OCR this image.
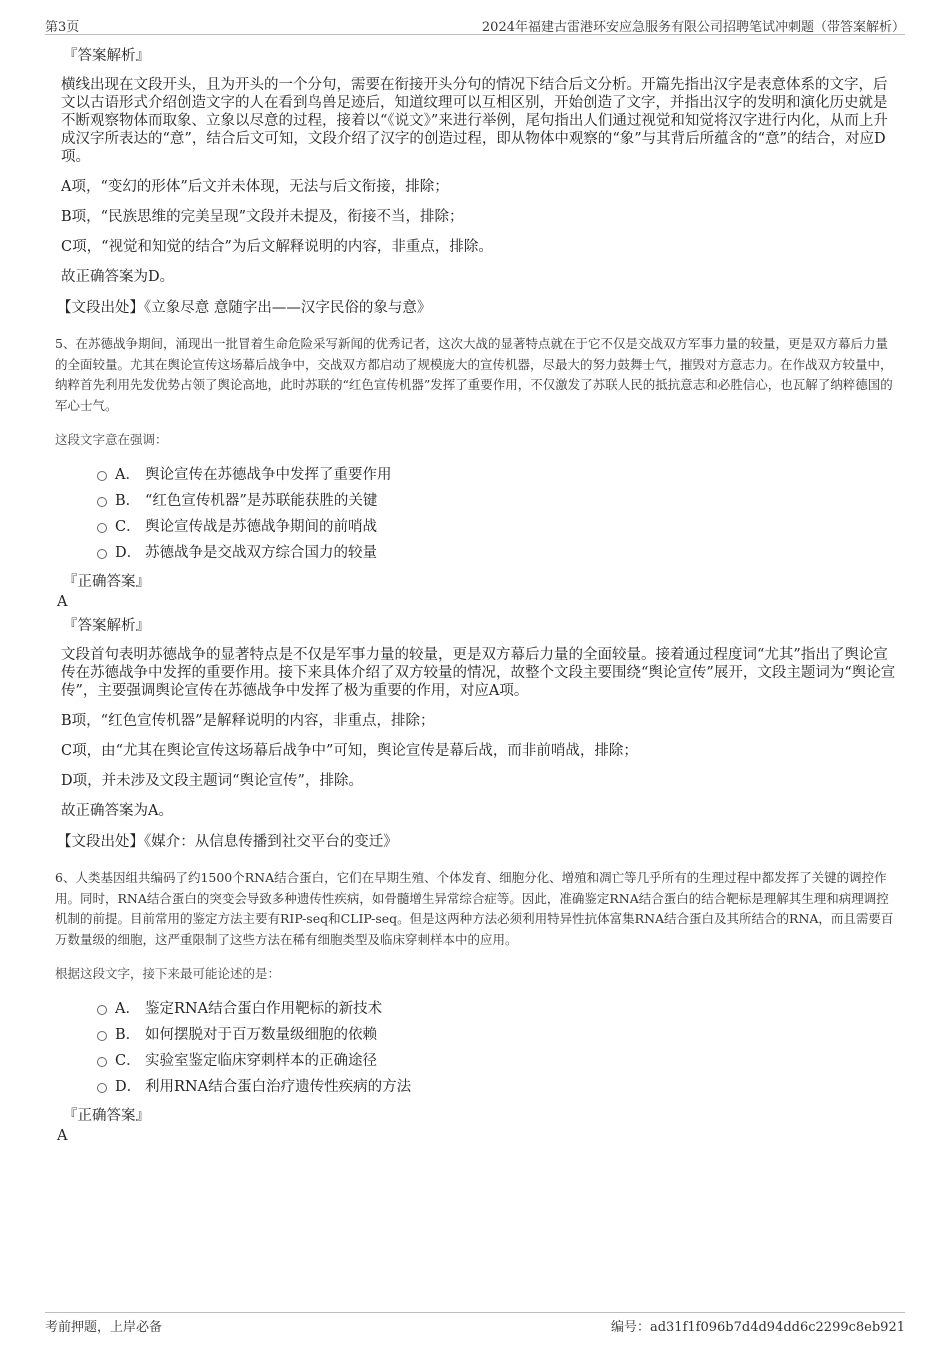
第3页	2024年福建古雷港环安应急服务有限公司招聘笔试冲刺题（带答案解析）
『答案解析』

横线出现在文段开头，且为开头的一个分句，需要在衔接开头分句的情况下结合后文分析。开篇先指出汉字是表意体系的文字，后文以古语形式介绍创造文字的人在看到鸟兽足迹后，知道纹理可以互相区别，开始创造了文字，并指出汉字的发明和演化历史就是不断观察物体而取象、立象以尽意的过程，接着以“《说文》”来进行举例，尾句指出人们通过视觉和知觉将汉字进行内化，从而上升成汉字所表达的“意”，结合后文可知，文段介绍了汉字的创造过程，即从物体中观察的“象”与其背后所蕴含的“意”的结合，对应D项。

A项，“变幻的形体”后文并未体现，无法与后文衔接，排除；

B项，“民族思维的完美呈现”文段并未提及，衔接不当，排除；

C项，“视觉和知觉的结合”为后文解释说明的内容，非重点，排除。

故正确答案为D。

【文段出处】《立象尽意 意随字出——汉字民俗的象与意》
5、在苏德战争期间，涌现出一批冒着生命危险采写新闻的优秀记者，这次大战的显著特点就在于它不仅是交战双方军事力量的较量，更是双方幕后力量的全面较量。尤其在舆论宣传这场幕后战争中，交战双方都启动了规模庞大的宣传机器，尽最大的努力鼓舞士气，摧毁对方意志力。在作战双方较量中，纳粹首先利用先发优势占领了舆论高地，此时苏联的“红色宣传机器”发挥了重要作用，不仅激发了苏联人民的抵抗意志和必胜信心，也瓦解了纳粹德国的军心士气。
这段文字意在强调：
A． 舆论宣传在苏德战争中发挥了重要作用
B． “红色宣传机器”是苏联能获胜的关键
C． 舆论宣传战是苏德战争期间的前哨战
D． 苏德战争是交战双方综合国力的较量
『正确答案』
A
『答案解析』

文段首句表明苏德战争的显著特点是不仅是军事力量的较量，更是双方幕后力量的全面较量。接着通过程度词“尤其”指出了舆论宣传在苏德战争中发挥的重要作用。接下来具体介绍了双方较量的情况，故整个文段主要围绕“舆论宣传”展开，文段主题词为“舆论宣传”，主要强调舆论宣传在苏德战争中发挥了极为重要的作用，对应A项。

B项，“红色宣传机器”是解释说明的内容，非重点，排除；

C项，由“尤其在舆论宣传这场幕后战争中”可知，舆论宣传是幕后战，而非前哨战，排除；

D项，并未涉及文段主题词“舆论宣传”，排除。

故正确答案为A。

【文段出处】《媒介：从信息传播到社交平台的变迁》
6、人类基因组共编码了约1500个RNA结合蛋白，它们在早期生殖、个体发育、细胞分化、增殖和凋亡等几乎所有的生理过程中都发挥了关键的调控作用。同时，RNA结合蛋白的突变会导致多种遗传性疾病，如骨髓增生异常综合症等。因此，准确鉴定RNA结合蛋白的结合靶标是理解其生理和病理调控机制的前提。目前常用的鉴定方法主要有RIP-seq和CLIP-seq。但是这两种方法必须利用特异性抗体富集RNA结合蛋白及其所结合的RNA，而且需要百万数量级的细胞，这严重限制了这些方法在稀有细胞类型及临床穿刺样本中的应用。
根据这段文字，接下来最可能论述的是：
A． 鉴定RNA结合蛋白作用靶标的新技术
B． 如何摆脱对于百万数量级细胞的依赖
C． 实验室鉴定临床穿刺样本的正确途径
D． 利用RNA结合蛋白治疗遗传性疾病的方法
『正确答案』
A
考前押题，上岸必备	编号：ad31f1f096b7d4d94dd6c2299c8eb921
